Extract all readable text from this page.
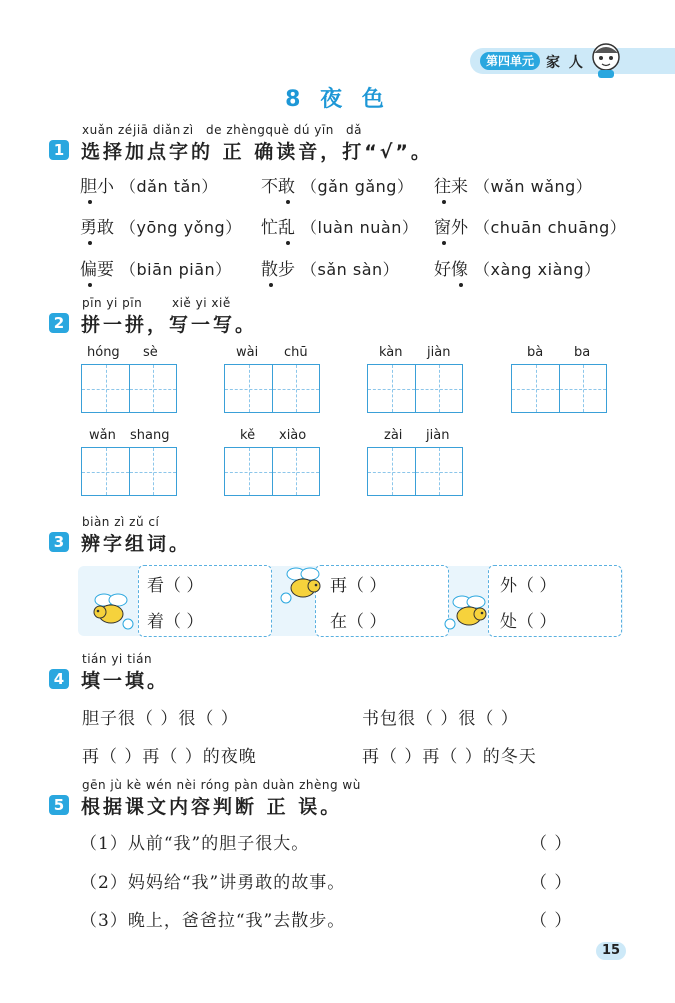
第四单元 家 人
8 夜 色
xuǎn zé jiā diǎn zì de zhèngquè dú yīn dǎ
1 选择加点字的 正 确读音，打“√”。
胆小 （dǎn tǎn）	不敢 （gǎn gǎng） 往来 （wǎn wǎng）
勇敢 （yōng yǒng） 忙乱 （luàn nuàn） 窗外 （chuān chuāng）
偏要 （biān piān） 散步 （sǎn sàn） 好像 （xàng xiàng）
pīn yi pīn xiě yi xiě
2 拼一拼，写一写。
hóng sè	wài chū	kàn jiàn	bà ba
wǎn shang	kě xiào	zài jiàn
biàn zì zǔ cí
3 辨字组词。
看（ ）
着（ ）
再（ ）
在（ ）
外（ ）
处（ ）
tián yi tián
4 填一填。
胆子很（ ）很（ ）	书包很（ ）很（ ）
再（ ）再（ ）的夜晚	再（ ）再（ ）的冬天
gēn jù kè wén nèi róng pàn duàn zhèng wù
5 根据课文内容判断 正 误。
（1）从前“我”的胆子很大。	（ ）
（2）妈妈给“我”讲勇敢的故事。	（ ）
（3）晚上，爸爸拉“我”去散步。	（ ）
15
